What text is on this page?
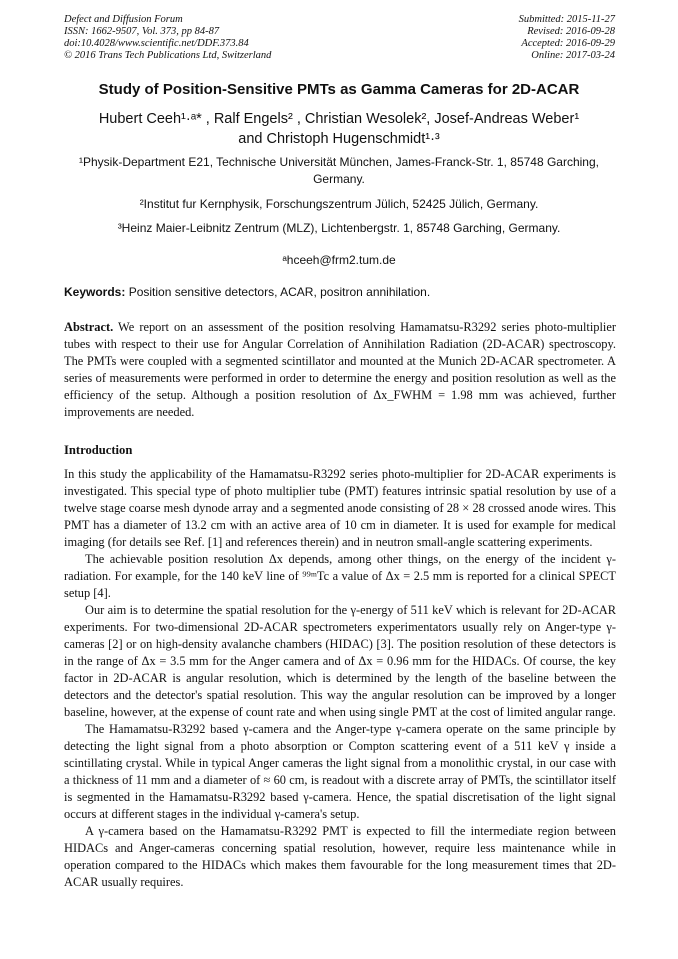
Defect and Diffusion Forum
ISSN: 1662-9507, Vol. 373, pp 84-87
doi:10.4028/www.scientific.net/DDF.373.84
© 2016 Trans Tech Publications Ltd, Switzerland
Submitted: 2015-11-27
Revised: 2016-09-28
Accepted: 2016-09-29
Online: 2017-03-24
Study of Position-Sensitive PMTs as Gamma Cameras for 2D-ACAR
Hubert Ceeh¹·ᵃ* , Ralf Engels² , Christian Wesolek², Josef-Andreas Weber¹
and Christoph Hugenschmidt¹·³
¹Physik-Department E21, Technische Universität München, James-Franck-Str. 1, 85748 Garching, Germany.
²Institut fur Kernphysik, Forschungszentrum Jülich, 52425 Jülich, Germany.
³Heinz Maier-Leibnitz Zentrum (MLZ), Lichtenbergstr. 1, 85748 Garching, Germany.
ᵃhceeh@frm2.tum.de
Keywords: Position sensitive detectors, ACAR, positron annihilation.
Abstract. We report on an assessment of the position resolving Hamamatsu-R3292 series photo-multiplier tubes with respect to their use for Angular Correlation of Annihilation Radiation (2D-ACAR) spectroscopy. The PMTs were coupled with a segmented scintillator and mounted at the Munich 2D-ACAR spectrometer. A series of measurements were performed in order to determine the energy and position resolution as well as the efficiency of the setup. Although a position resolution of Δx_FWHM = 1.98 mm was achieved, further improvements are needed.
Introduction

In this study the applicability of the Hamamatsu-R3292 series photo-multiplier for 2D-ACAR experiments is investigated. This special type of photo multiplier tube (PMT) features intrinsic spatial resolution by use of a twelve stage coarse mesh dynode array and a segmented anode consisting of 28 × 28 crossed anode wires. This PMT has a diameter of 13.2 cm with an active area of 10 cm in diameter. It is used for example for medical imaging (for details see Ref. [1] and references therein) and in neutron small-angle scattering experiments.

The achievable position resolution Δx depends, among other things, on the energy of the incident γ-radiation. For example, for the 140 keV line of ⁹⁹ᵐTc a value of Δx = 2.5 mm is reported for a clinical SPECT setup [4].

Our aim is to determine the spatial resolution for the γ-energy of 511 keV which is relevant for 2D-ACAR experiments. For two-dimensional 2D-ACAR spectrometers experimentators usually rely on Anger-type γ-cameras [2] or on high-density avalanche chambers (HIDAC) [3]. The position resolution of these detectors is in the range of Δx = 3.5 mm for the Anger camera and of Δx = 0.96 mm for the HIDACs. Of course, the key factor in 2D-ACAR is angular resolution, which is determined by the length of the baseline between the detectors and the detector's spatial resolution. This way the angular resolution can be improved by a longer baseline, however, at the expense of count rate and when using single PMT at the cost of limited angular range.

The Hamamatsu-R3292 based γ-camera and the Anger-type γ-camera operate on the same principle by detecting the light signal from a photo absorption or Compton scattering event of a 511 keV γ inside a scintillating crystal. While in typical Anger cameras the light signal from a monolithic crystal, in our case with a thickness of 11 mm and a diameter of ≈ 60 cm, is readout with a discrete array of PMTs, the scintillator itself is segmented in the Hamamatsu-R3292 based γ-camera. Hence, the spatial discretisation of the light signal occurs at different stages in the individual γ-camera's setup.

A γ-camera based on the Hamamatsu-R3292 PMT is expected to fill the intermediate region between HIDACs and Anger-cameras concerning spatial resolution, however, require less maintenance while in operation compared to the HIDACs which makes them favourable for the long measurement times that 2D-ACAR usually requires.
